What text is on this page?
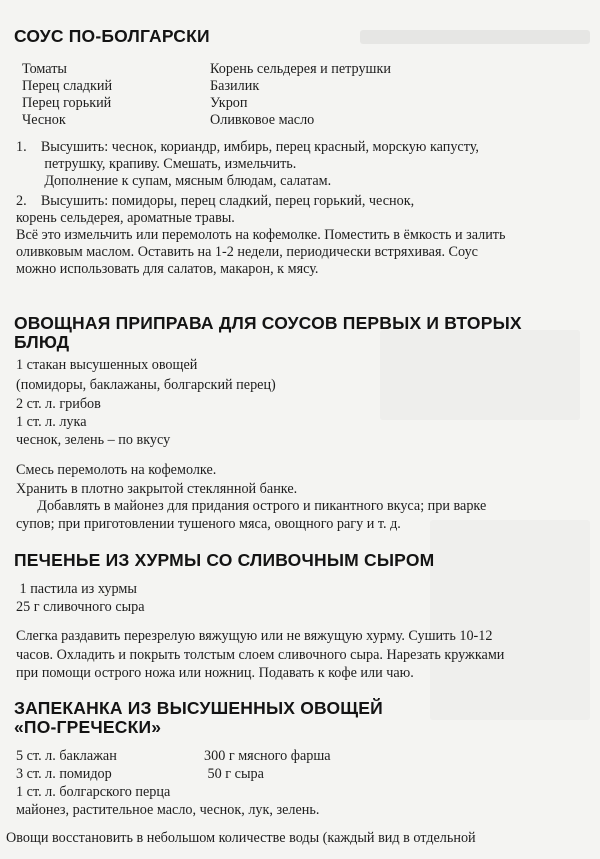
СОУС ПО-БОЛГАРСКИ
Томаты
Перец сладкий
Перец горький
Чеснок
Корень сельдерея и петрушки
Базилик
Укроп
Оливковое масло
1.    Высушить: чеснок, кориандр, имбирь, перец красный, морскую капусту,
петрушку, крапиву. Смешать, измельчить.
Дополнение к супам, мясным блюдам, салатам.
2.    Высушить: помидоры, перец сладкий, перец горький, чеснок,
корень сельдерея, ароматные травы.
Всё это измельчить или перемолоть на кофемолке. Поместить в ёмкость и залить
оливковым маслом. Оставить на 1-2 недели, периодически встряхивая. Соус
можно использовать для салатов, макарон, к мясу.
ОВОЩНАЯ ПРИПРАВА ДЛЯ СОУСОВ ПЕРВЫХ И ВТОРЫХ
БЛЮД
1 стакан высушенных овощей
(помидоры, баклажаны, болгарский перец)
2 ст. л. грибов
1 ст. л. лука
чеснок, зелень – по вкусу
Смесь перемолоть на кофемолке.
Хранить в плотно закрытой стеклянной банке.
Добавлять в майонез для придания острого и пикантного вкуса; при варке
супов; при приготовлении тушеного мяса, овощного рагу и т. д.
ПЕЧЕНЬЕ ИЗ ХУРМЫ СО СЛИВОЧНЫМ СЫРОМ
1 пастила из хурмы
25 г сливочного сыра
Слегка раздавить перезрелую вяжущую или не вяжущую хурму. Сушить 10-12
часов. Охладить и покрыть толстым слоем сливочного сыра. Нарезать кружками
при помощи острого ножа или ножниц. Подавать к кофе или чаю.
ЗАПЕКАНКА ИЗ ВЫСУШЕННЫХ ОВОЩЕЙ
«ПО-ГРЕЧЕСКИ»
5 ст. л. баклажан
3 ст. л. помидор
1 ст. л. болгарского перца
300 г мясного фарша
50 г сыра
майонез, растительное масло, чеснок, лук, зелень.
Овощи восстановить в небольшом количестве воды (каждый вид в отдельной
